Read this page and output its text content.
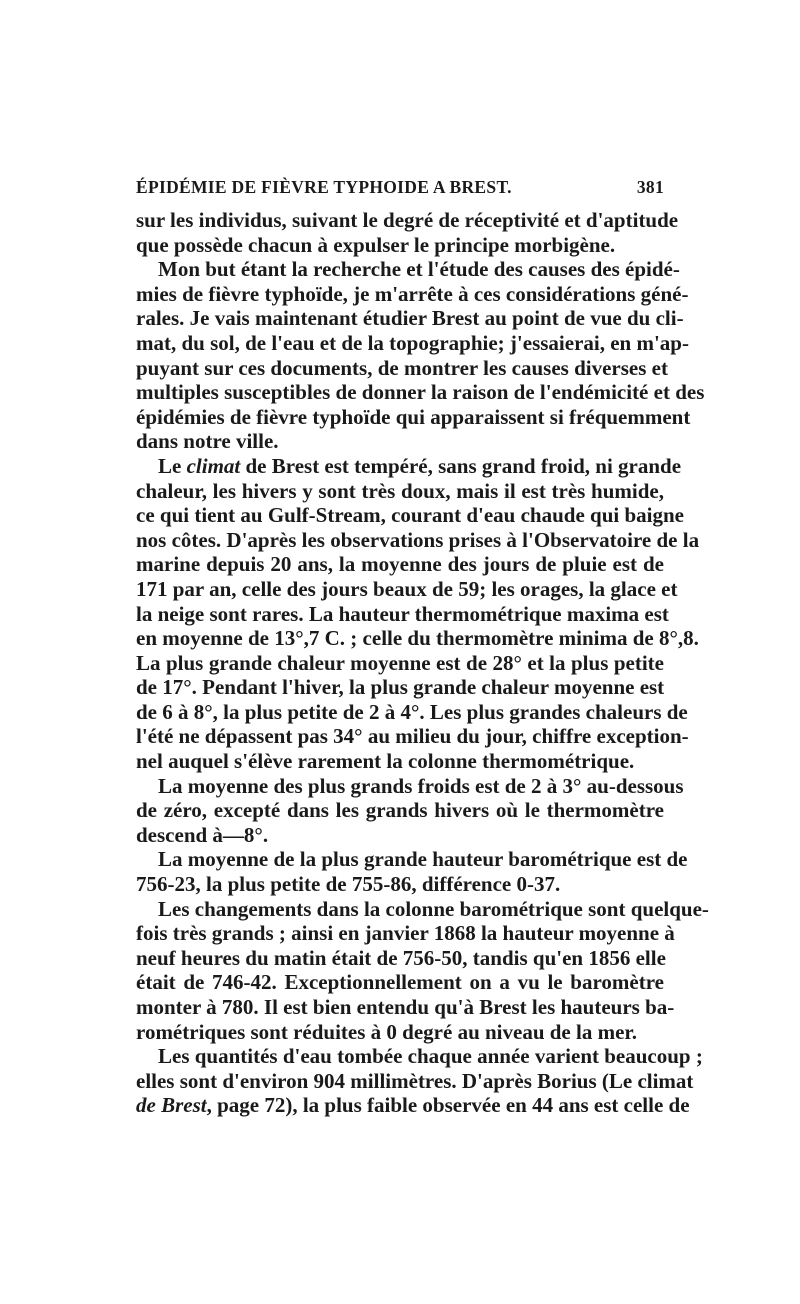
ÉPIDÉMIE DE FIÈVRE TYPHOIDE A BREST.	381
sur les individus, suivant le degré de réceptivité et d'aptitude
que possède chacun à expulser le principe morbigène.
Mon but étant la recherche et l'étude des causes des épidé-
mies de fièvre typhoïde, je m'arrête à ces considérations géné-
rales. Je vais maintenant étudier Brest au point de vue du cli-
mat, du sol, de l'eau et de la topographie; j'essaierai, en m'ap-
puyant sur ces documents, de montrer les causes diverses et
multiples susceptibles de donner la raison de l'endémicité et des
épidémies de fièvre typhoïde qui apparaissent si fréquemment
dans notre ville.
Le climat de Brest est tempéré, sans grand froid, ni grande
chaleur, les hivers y sont très doux, mais il est très humide,
ce qui tient au Gulf-Stream, courant d'eau chaude qui baigne
nos côtes. D'après les observations prises à l'Observatoire de la
marine depuis 20 ans, la moyenne des jours de pluie est de
171 par an, celle des jours beaux de 59; les orages, la glace et
la neige sont rares. La hauteur thermométrique maxima est
en moyenne de 13°,7 C. ; celle du thermomètre minima de 8°,8.
La plus grande chaleur moyenne est de 28° et la plus petite
de 17°. Pendant l'hiver, la plus grande chaleur moyenne est
de 6 à 8°, la plus petite de 2 à 4°. Les plus grandes chaleurs de
l'été ne dépassent pas 34° au milieu du jour, chiffre exception-
nel auquel s'élève rarement la colonne thermométrique.
La moyenne des plus grands froids est de 2 à 3° au-dessous
de zéro, excepté dans les grands hivers où le thermomètre
descend à—8°.
La moyenne de la plus grande hauteur barométrique est de
756-23, la plus petite de 755-86, différence 0-37.
Les changements dans la colonne barométrique sont quelque-
fois très grands ; ainsi en janvier 1868 la hauteur moyenne à
neuf heures du matin était de 756-50, tandis qu'en 1856 elle
était de 746-42. Exceptionnellement on a vu le baromètre
monter à 780. Il est bien entendu qu'à Brest les hauteurs ba-
rométriques sont réduites à 0 degré au niveau de la mer.
Les quantités d'eau tombée chaque année varient beaucoup ;
elles sont d'environ 904 millimètres. D'après Borius (Le climat
de Brest, page 72), la plus faible observée en 44 ans est celle de
